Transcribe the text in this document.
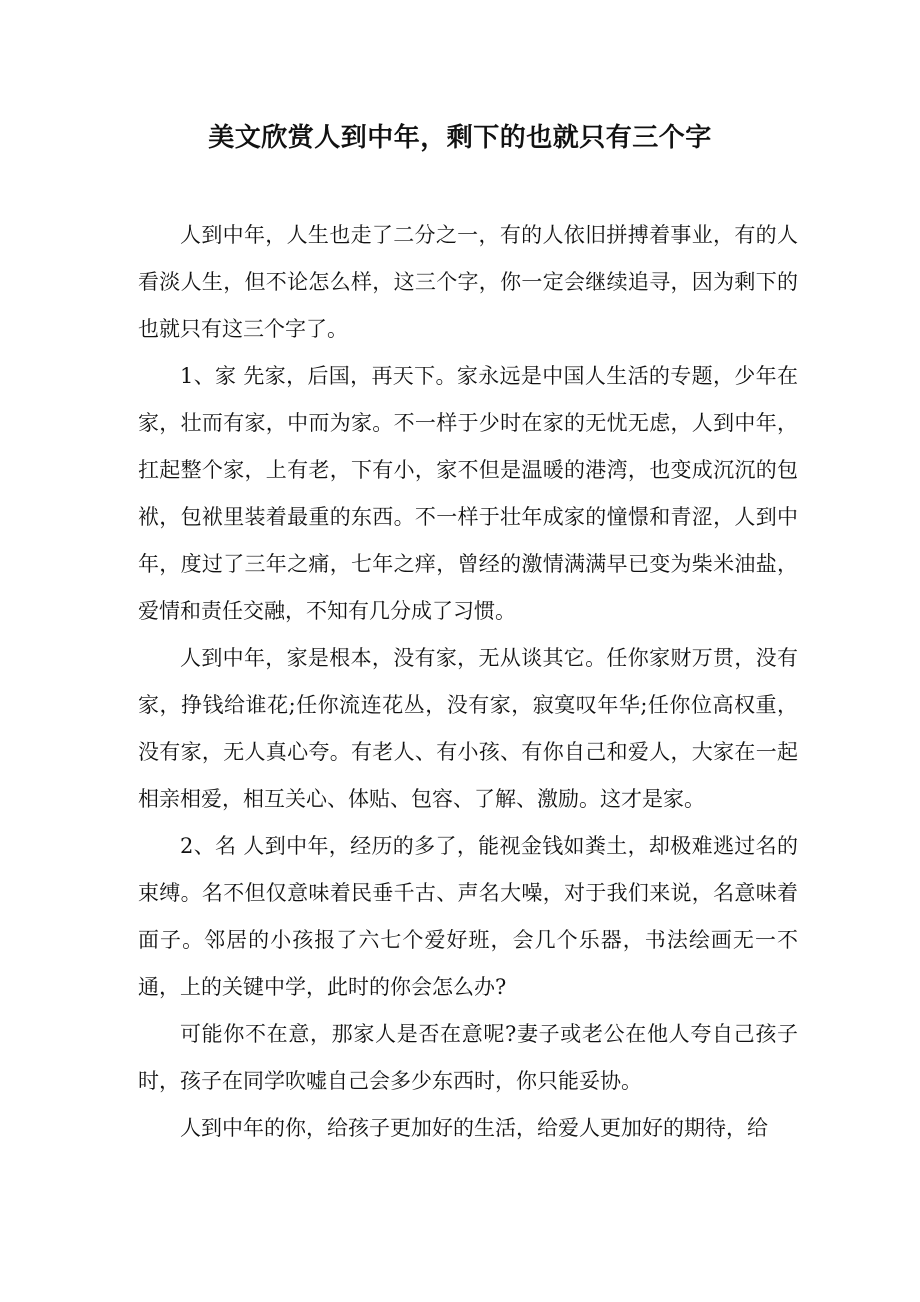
美文欣赏人到中年，剩下的也就只有三个字

人到中年，人生也走了二分之一，有的人依旧拼搏着事业，有的人看淡人生，但不论怎么样，这三个字，你一定会继续追寻，因为剩下的也就只有这三个字了。

1、家 先家，后国，再天下。家永远是中国人生活的专题，少年在家，壮而有家，中而为家。不一样于少时在家的无忧无虑，人到中年，扛起整个家，上有老，下有小，家不但是温暖的港湾，也变成沉沉的包袱，包袱里装着最重的东西。不一样于壮年成家的憧憬和青涩，人到中年，度过了三年之痛，七年之痒，曾经的激情满满早已变为柴米油盐，爱情和责任交融，不知有几分成了习惯。

人到中年，家是根本，没有家，无从谈其它。任你家财万贯，没有家，挣钱给谁花;任你流连花丛，没有家，寂寞叹年华;任你位高权重，没有家，无人真心夸。有老人、有小孩、有你自己和爱人，大家在一起相亲相爱，相互关心、体贴、包容、了解、激励。这才是家。

2、名 人到中年，经历的多了，能视金钱如粪土，却极难逃过名的束缚。名不但仅意味着民垂千古、声名大噪，对于我们来说，名意味着面子。邻居的小孩报了六七个爱好班，会几个乐器，书法绘画无一不通，上的关键中学，此时的你会怎么办?

可能你不在意，那家人是否在意呢?妻子或老公在他人夸自己孩子时，孩子在同学吹嘘自己会多少东西时，你只能妥协。

人到中年的你，给孩子更加好的生活，给爱人更加好的期待，给
